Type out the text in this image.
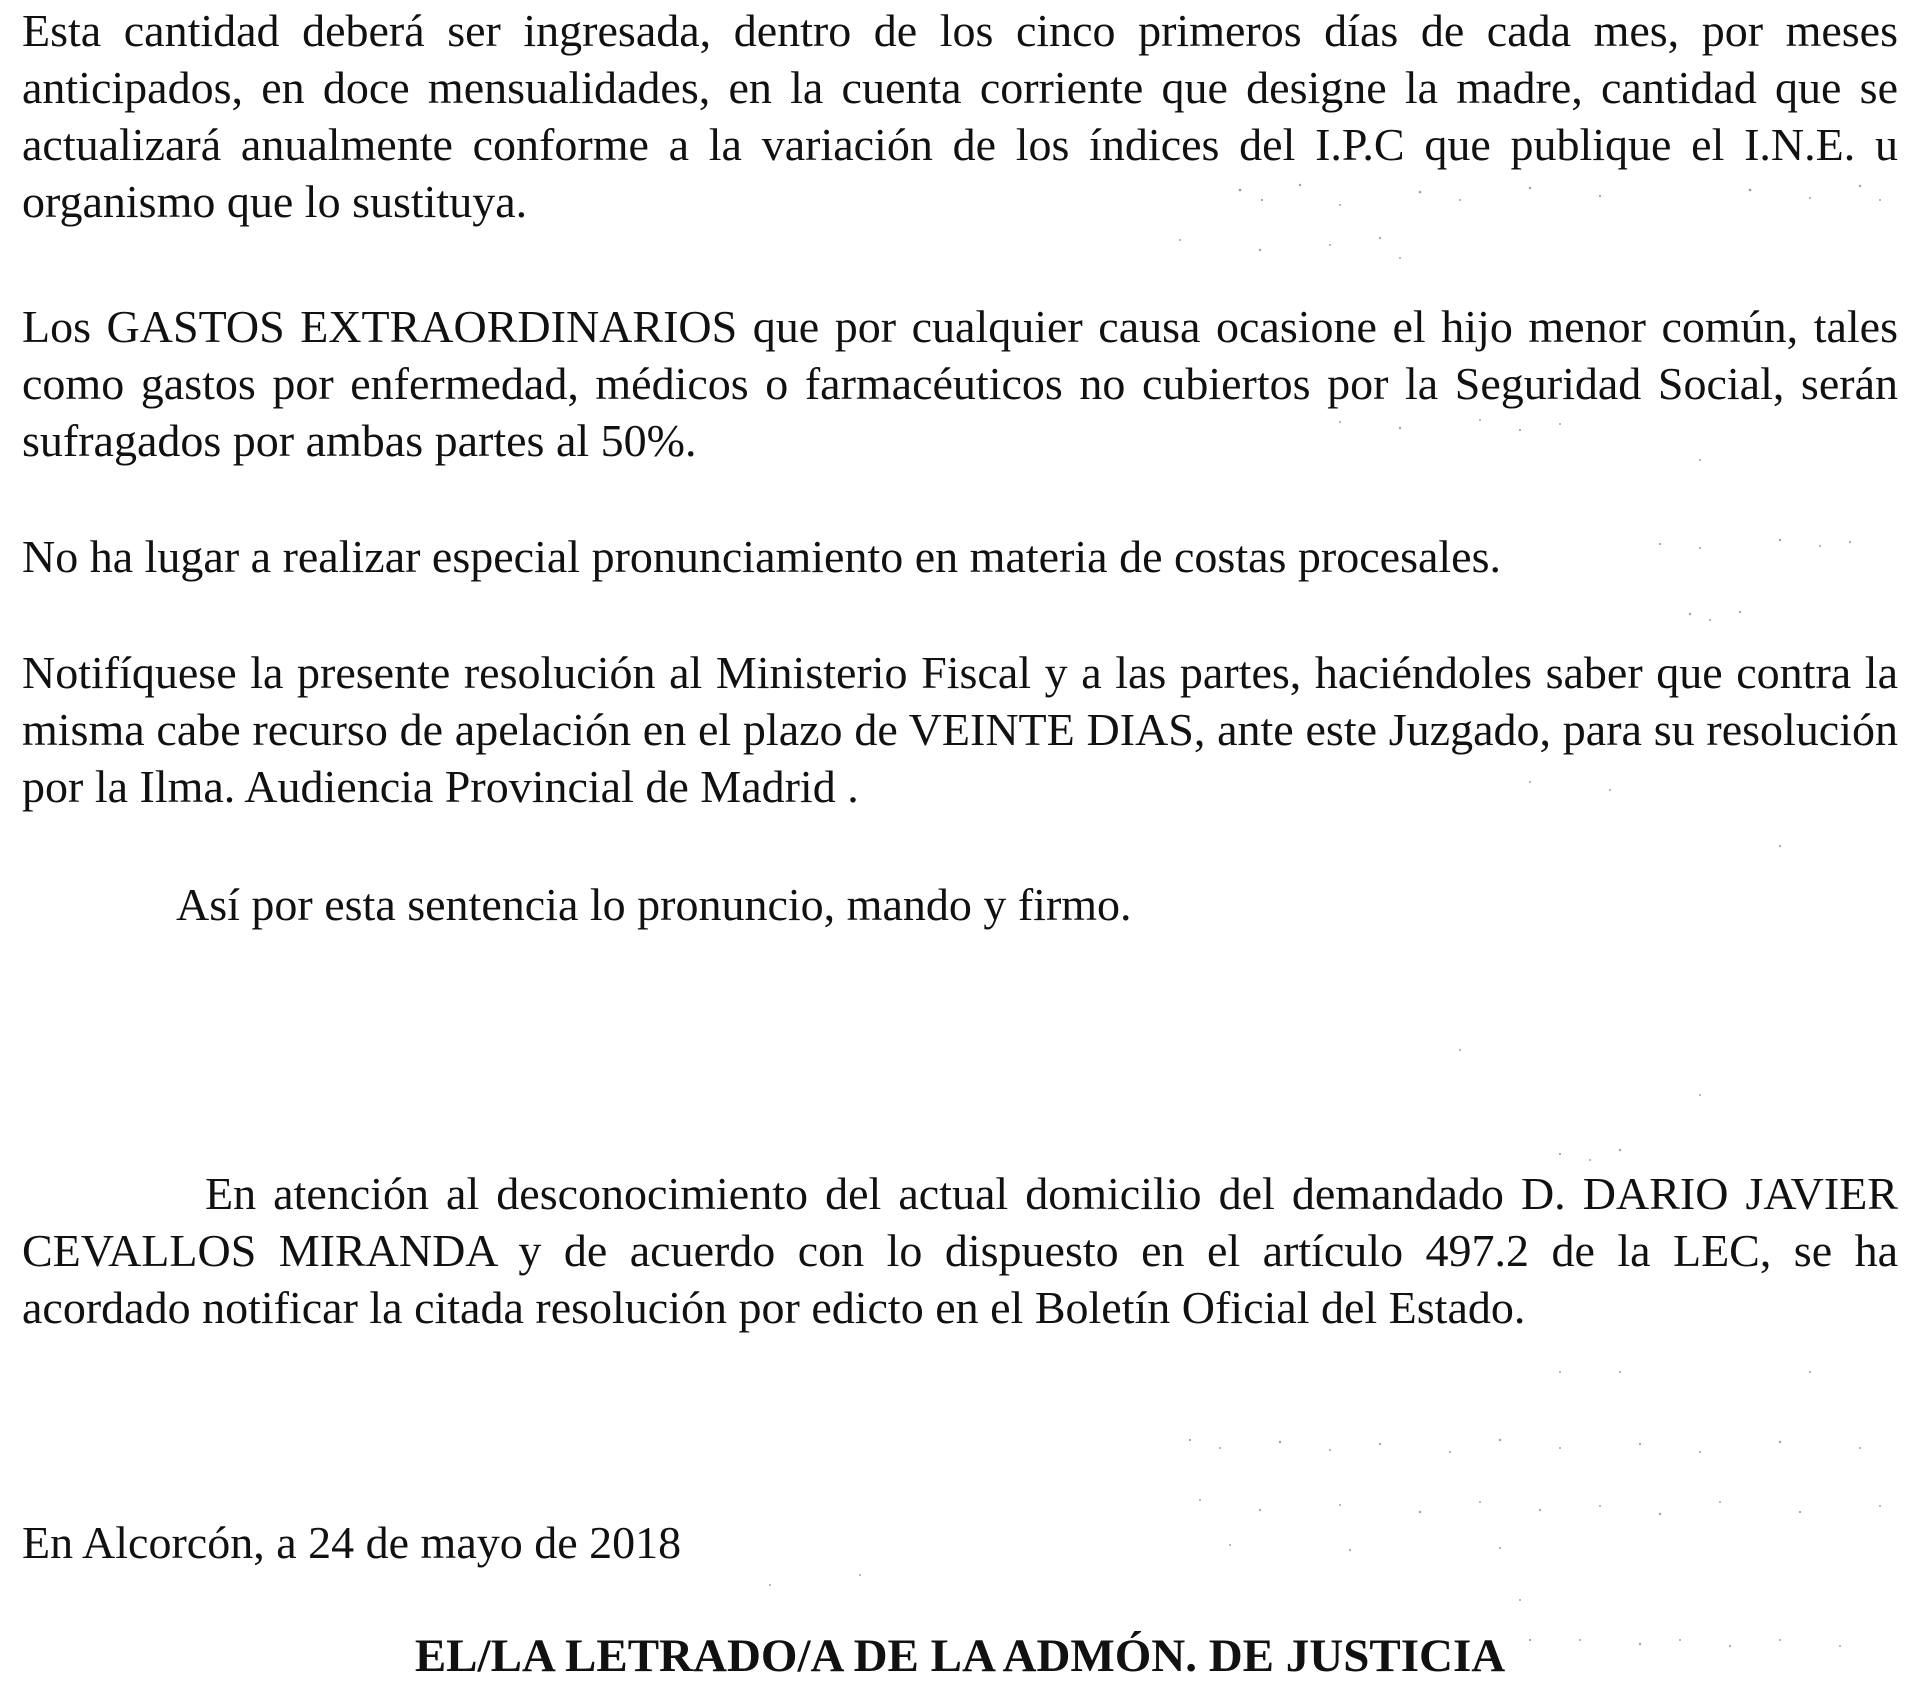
Esta cantidad deberá ser ingresada, dentro de los cinco primeros días de cada mes, por meses anticipados, en doce mensualidades, en la cuenta corriente que designe la madre, cantidad que se actualizará anualmente conforme a la variación de los índices del I.P.C que publique el I.N.E. u organismo que lo sustituya.

Los GASTOS EXTRAORDINARIOS que por cualquier causa ocasione el hijo menor común, tales como gastos por enfermedad, médicos o farmacéuticos no cubiertos por la Seguridad Social, serán sufragados por ambas partes al 50%.

No ha lugar a realizar especial pronunciamiento en materia de costas procesales.

Notifíquese la presente resolución al Ministerio Fiscal y a las partes, haciéndoles saber que contra la misma cabe recurso de apelación en el plazo de VEINTE DIAS, ante este Juzgado, para su resolución por la Ilma. Audiencia Provincial de Madrid .

Así por esta sentencia lo pronuncio, mando y firmo.

En atención al desconocimiento del actual domicilio del demandado D. DARIO JAVIER CEVALLOS MIRANDA y de acuerdo con lo dispuesto en el artículo 497.2 de la LEC, se ha acordado notificar la citada resolución por edicto en el Boletín Oficial del Estado.

En Alcorcón, a 24 de mayo de 2018

EL/LA LETRADO/A DE LA ADMÓN. DE JUSTICIA
